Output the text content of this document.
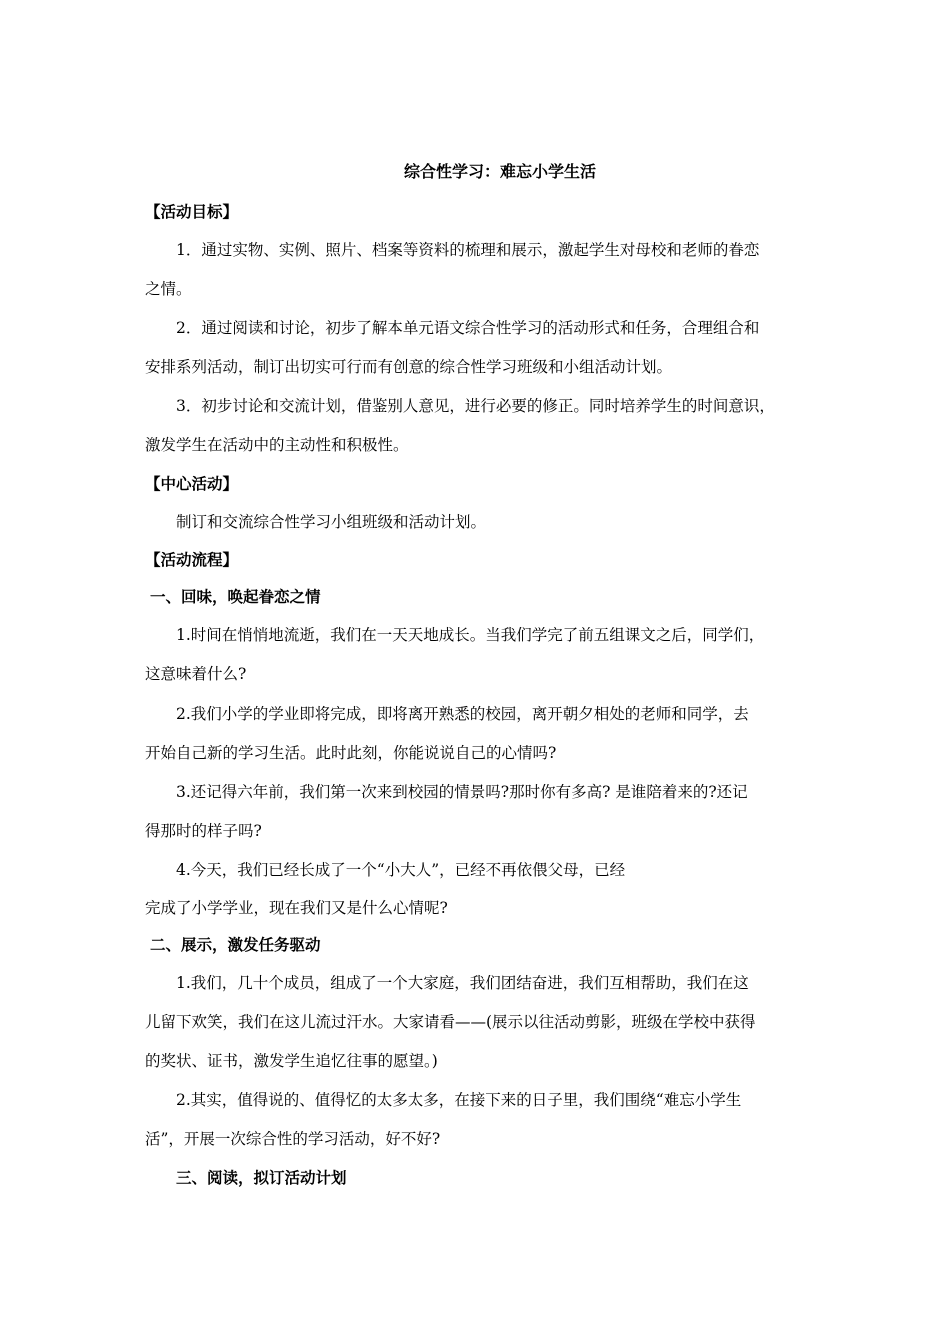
综合性学习：难忘小学生活
【活动目标】
1．通过实物、实例、照片、档案等资料的梳理和展示，激起学生对母校和老师的眷恋
之情。
2．通过阅读和讨论，初步了解本单元语文综合性学习的活动形式和任务，合理组合和
安排系列活动，制订出切实可行而有创意的综合性学习班级和小组活动计划。
3．初步讨论和交流计划，借鉴别人意见，进行必要的修正。同时培养学生的时间意识，
激发学生在活动中的主动性和积极性。
【中心活动】
制订和交流综合性学习小组班级和活动计划。
【活动流程】
一、回味，唤起眷恋之情
1.时间在悄悄地流逝，我们在一天天地成长。当我们学完了前五组课文之后，同学们，
这意味着什么?
2.我们小学的学业即将完成，即将离开熟悉的校园，离开朝夕相处的老师和同学，去
开始自己新的学习生活。此时此刻，你能说说自己的心情吗?
3.还记得六年前，我们第一次来到校园的情景吗?那时你有多高? 是谁陪着来的?还记
得那时的样子吗?
4.今天，我们已经长成了一个“小大人”，已经不再依偎父母，已经
完成了小学学业，现在我们又是什么心情呢?
二、展示，激发任务驱动
1.我们，几十个成员，组成了一个大家庭，我们团结奋进，我们互相帮助，我们在这
儿留下欢笑，我们在这儿流过汗水。大家请看——(展示以往活动剪影，班级在学校中获得
的奖状、证书，激发学生追忆往事的愿望。)
2.其实，值得说的、值得忆的太多太多，在接下来的日子里，我们围绕“难忘小学生
活”，开展一次综合性的学习活动，好不好?
三、阅读，拟订活动计划
